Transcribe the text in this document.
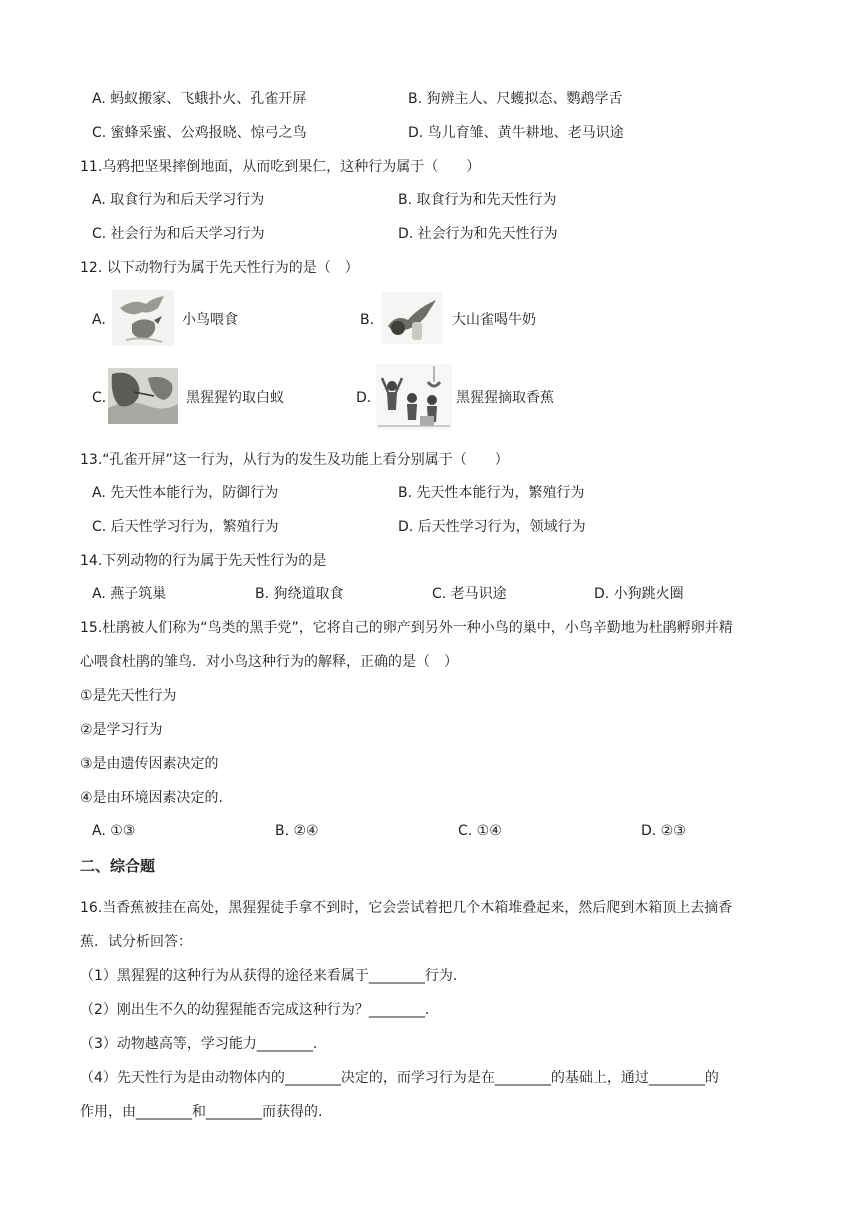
A. 蚂蚁搬家、飞蛾扑火、孔雀开屏	B. 狗辨主人、尺蠖拟态、鹦鹉学舌
C. 蜜蜂采蜜、公鸡报晓、惊弓之鸟	D. 鸟儿育雏、黄牛耕地、老马识途
11.乌鸦把坚果摔倒地面，从而吃到果仁，这种行为属于（　　）
A. 取食行为和后天学习行为	B. 取食行为和先天性行为
C. 社会行为和后天学习行为	D. 社会行为和先天性行为
12. 以下动物行为属于先天性行为的是（　）
A.	小鸟喂食	B.	大山雀喝牛奶
C.	黑猩猩钓取白蚁	D.	黑猩猩摘取香蕉
13.“孔雀开屏”这一行为，从行为的发生及功能上看分别属于（　　）
A. 先天性本能行为，防御行为	B. 先天性本能行为，繁殖行为
C. 后天性学习行为，繁殖行为	D. 后天性学习行为，领域行为
14.下列动物的行为属于先天性行为的是
A. 燕子筑巢	B. 狗绕道取食	C. 老马识途	D. 小狗跳火圈
15.杜鹃被人们称为“鸟类的黑手党”，它将自己的卵产到另外一种小鸟的巢中，小鸟辛勤地为杜鹃孵卵并精
心喂食杜鹃的雏鸟．对小鸟这种行为的解释，正确的是（　）
①是先天性行为
②是学习行为
③是由遗传因素决定的
④是由环境因素决定的.
A. ①③	B. ②④	C. ①④	D. ②③
二、综合题
16.当香蕉被挂在高处，黑猩猩徒手拿不到时，它会尝试着把几个木箱堆叠起来，然后爬到木箱顶上去摘香
蕉．试分析回答：
（1）黑猩猩的这种行为从获得的途径来看属于________行为.
（2）刚出生不久的幼猩猩能否完成这种行为？________.
（3）动物越高等，学习能力________.
（4）先天性行为是由动物体内的________决定的，而学习行为是在________的基础上，通过________的
作用，由________和________而获得的.
